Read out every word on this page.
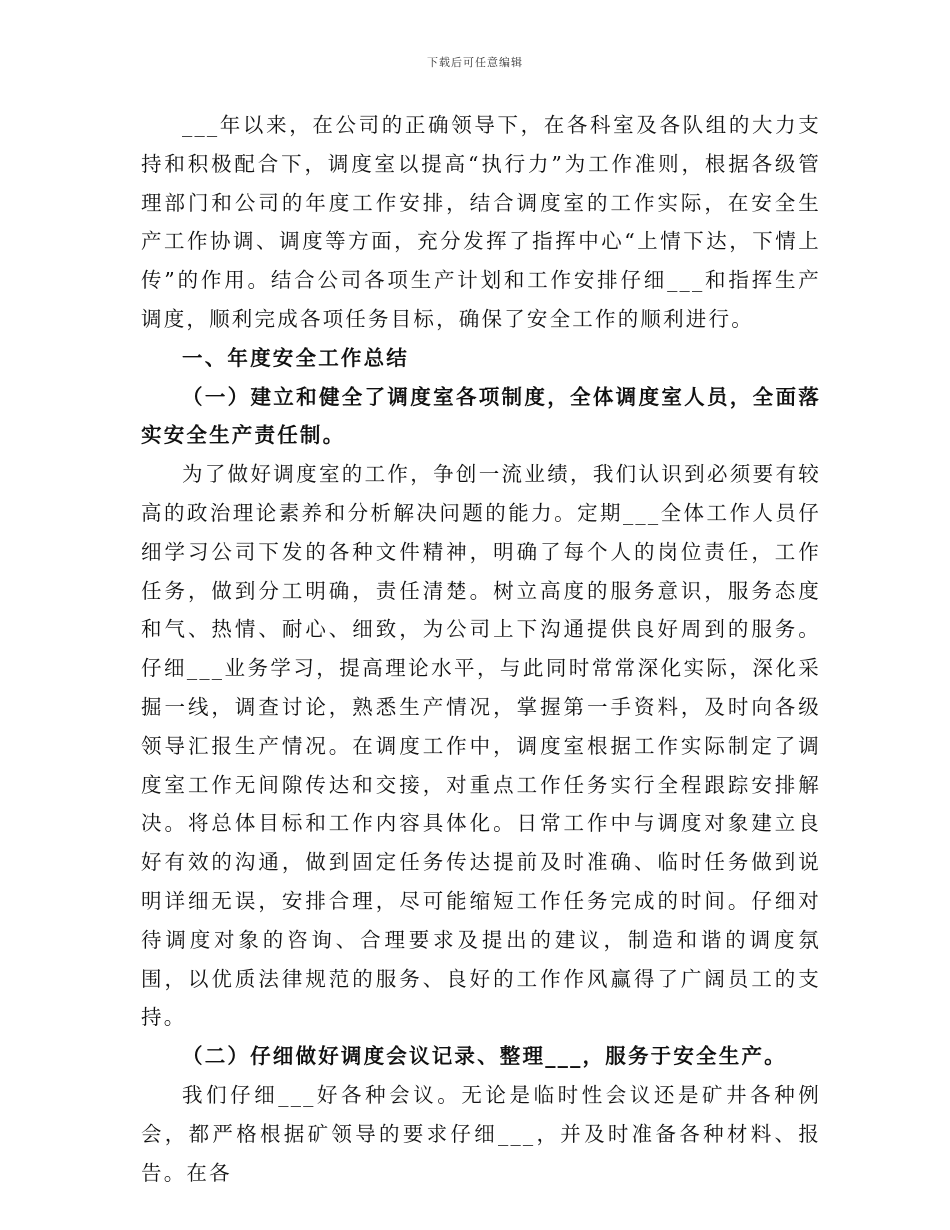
下载后可任意编辑

___年以来，在公司的正确领导下，在各科室及各队组的大力支持和积极配合下，调度室以提高“执行力”为工作准则，根据各级管理部门和公司的年度工作安排，结合调度室的工作实际，在安全生产工作协调、调度等方面，充分发挥了指挥中心“上情下达，下情上传”的作用。结合公司各项生产计划和工作安排仔细___和指挥生产调度，顺利完成各项任务目标，确保了安全工作的顺利进行。

一、年度安全工作总结

（一）建立和健全了调度室各项制度，全体调度室人员，全面落实安全生产责任制。

为了做好调度室的工作，争创一流业绩，我们认识到必须要有较高的政治理论素养和分析解决问题的能力。定期___全体工作人员仔细学习公司下发的各种文件精神，明确了每个人的岗位责任，工作任务，做到分工明确，责任清楚。树立高度的服务意识，服务态度和气、热情、耐心、细致，为公司上下沟通提供良好周到的服务。仔细___业务学习，提高理论水平，与此同时常常深化实际，深化采掘一线，调查讨论，熟悉生产情况，掌握第一手资料，及时向各级领导汇报生产情况。在调度工作中，调度室根据工作实际制定了调度室工作无间隙传达和交接，对重点工作任务实行全程跟踪安排解决。将总体目标和工作内容具体化。日常工作中与调度对象建立良好有效的沟通，做到固定任务传达提前及时准确、临时任务做到说明详细无误，安排合理，尽可能缩短工作任务完成的时间。仔细对待调度对象的咨询、合理要求及提出的建议，制造和谐的调度氛围，以优质法律规范的服务、良好的工作作风赢得了广阔员工的支持。

（二）仔细做好调度会议记录、整理___，服务于安全生产。

我们仔细___好各种会议。无论是临时性会议还是矿井各种例会，都严格根据矿领导的要求仔细___，并及时准备各种材料、报告。在各
